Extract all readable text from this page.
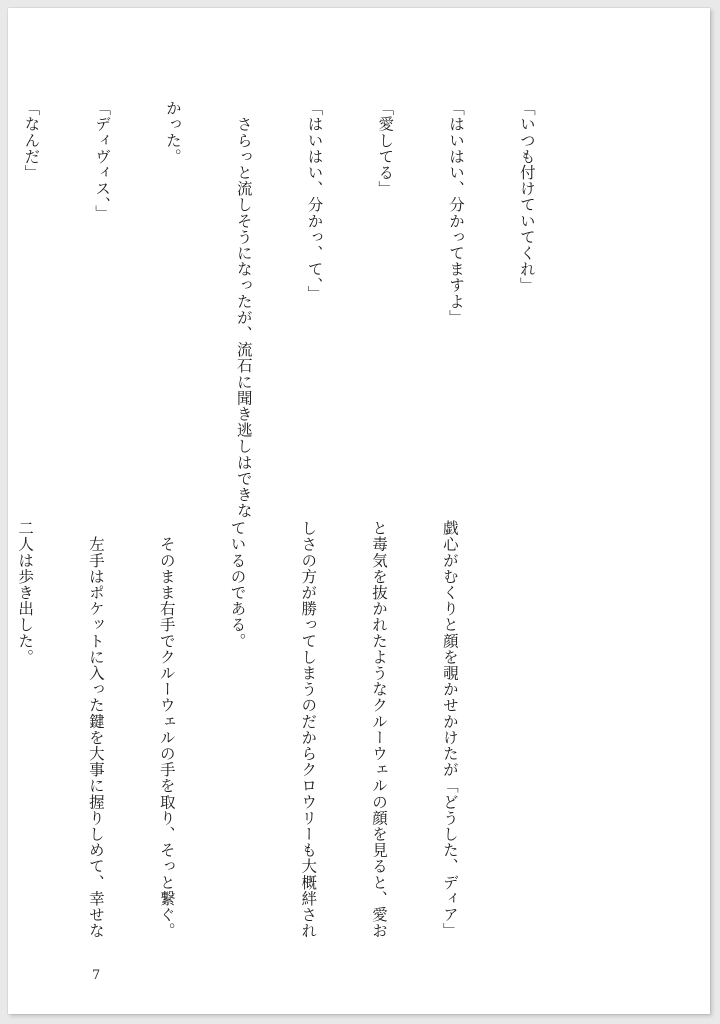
「いつも付けていてくれ」

「はいはい、分かってますよ」

「愛してる」

「はいはい、分かっ、て、」

　さらっと流しそうになったが、流石に聞き逃しはできな

かった。

「ディヴィス、」

「なんだ」

戯心がむくりと顔を覗かせかけたが「どうした、ディア」

と毒気を抜かれたようなクルーウェルの顔を見ると、愛お

しさの方が勝ってしまうのだからクロウリーも大概絆され

ているのである。

　そのまま右手でクルーウェルの手を取り、そっと繋ぐ。

　左手はポケットに入った鍵を大事に握りしめて、幸せな

二人は歩き出した。

7
